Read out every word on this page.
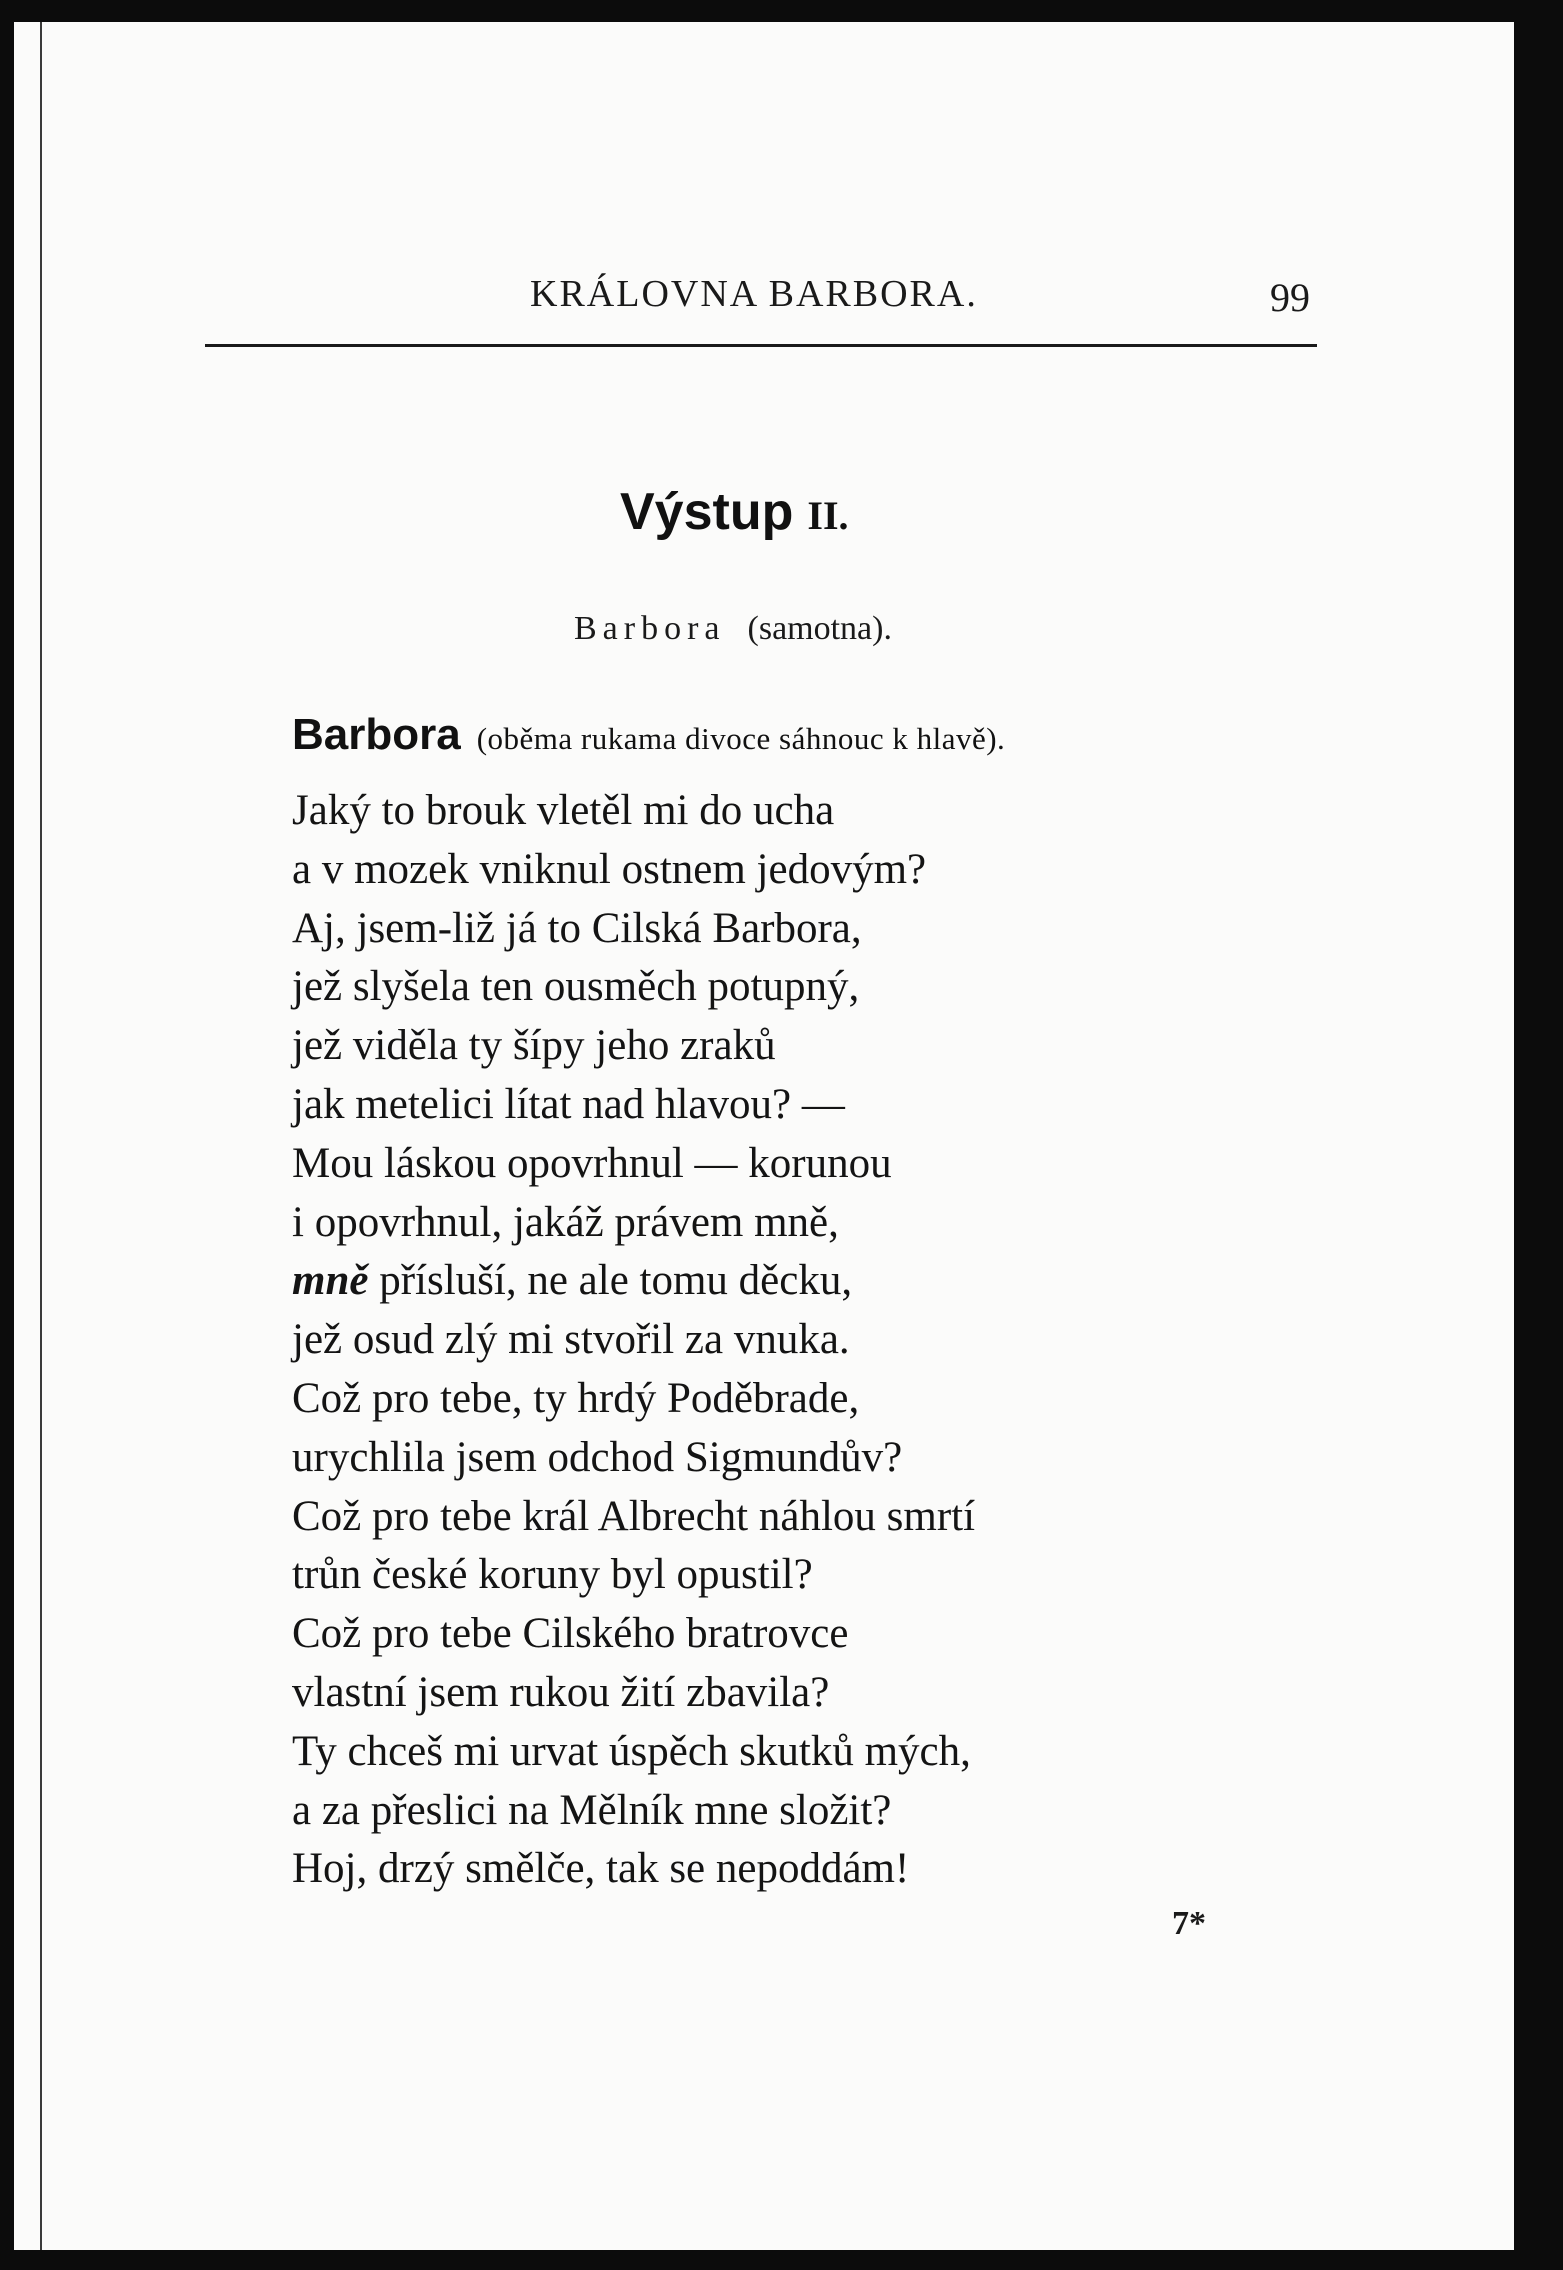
KRÁLOVNA BARBORA.	99
Výstup II.
Barbora (samotna).
Barbora (oběma rukama divoce sáhnouc k hlavě).
Jaký to brouk vletěl mi do ucha
a v mozek vniknul ostnem jedovým?
Aj, jsem-liž já to Cilská Barbora,
jež slyšela ten ousměch potupný,
jež viděla ty šípy jeho zraků
jak metelici lítat nad hlavou? —
Mou láskou opovrhnul — korunou
i opovrhnul, jakáž právem mně,
mně přísluší, ne ale tomu děcku,
jež osud zlý mi stvořil za vnuka.
Což pro tebe, ty hrdý Poděbrade,
urychlila jsem odchod Sigmundův?
Což pro tebe král Albrecht náhlou smrtí
trůn české koruny byl opustil?
Což pro tebe Cilského bratrovce
vlastní jsem rukou žití zbavila?
Ty chceš mi urvat úspěch skutků mých,
a za přeslici na Mělník mne složit?
Hoj, drzý smělče, tak se nepoddám!
7*
